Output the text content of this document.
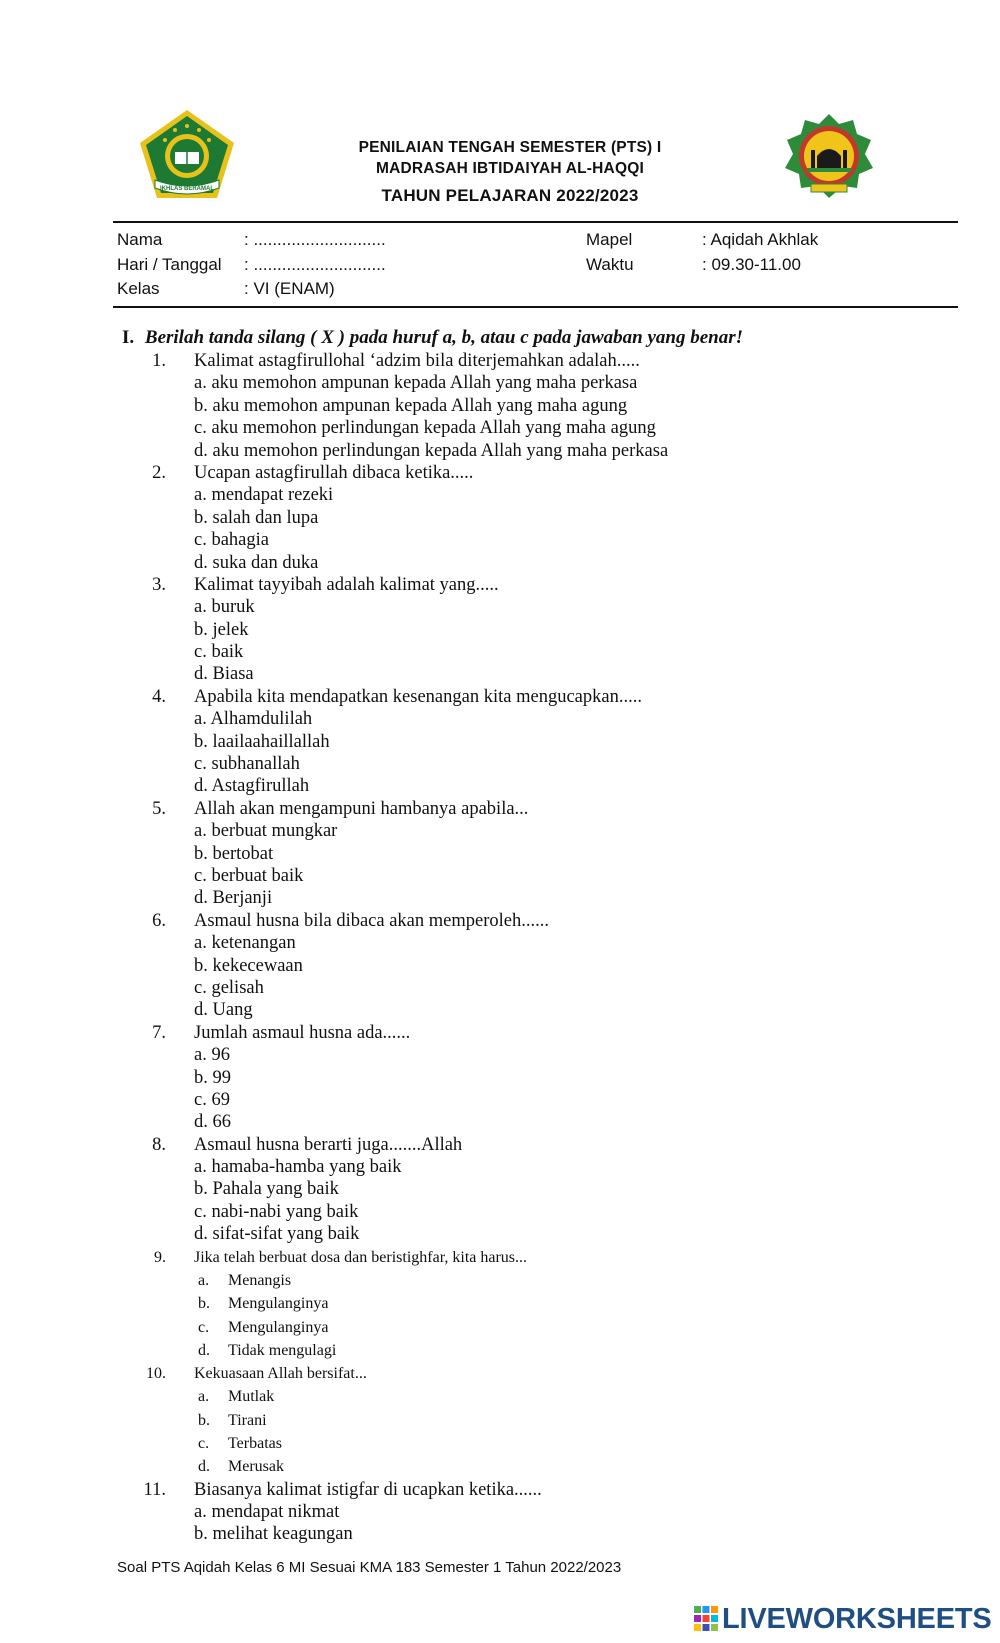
IKHLAS BERAMAL
PENILAIAN TENGAH SEMESTER (PTS) I
MADRASAH IBTIDAIYAH AL-HAQQI
TAHUN PELAJARAN 2022/2023
Nama
Hari / Tanggal
Kelas
: ............................
: ............................
: VI (ENAM)
Mapel
Waktu
: Aqidah Akhlak
: 09.30-11.00
I. Berilah tanda silang ( X ) pada huruf a, b, atau c pada jawaban yang benar!
1. Kalimat astagfirullohal ‘adzim bila diterjemahkan adalah.....
a. aku memohon ampunan kepada Allah yang maha perkasa
b. aku memohon ampunan kepada Allah yang maha agung
c. aku memohon perlindungan kepada Allah yang maha agung
d. aku memohon perlindungan kepada Allah yang maha perkasa
2. Ucapan astagfirullah dibaca ketika.....
a. mendapat rezeki
b. salah dan lupa
c. bahagia
d. suka dan duka
3. Kalimat tayyibah adalah kalimat yang.....
a. buruk
b. jelek
c. baik
d. Biasa
4. Apabila kita mendapatkan kesenangan kita mengucapkan.....
a. Alhamdulilah
b. laailaahaillallah
c. subhanallah
d. Astagfirullah
5. Allah akan mengampuni hambanya apabila...
a. berbuat mungkar
b. bertobat
c. berbuat baik
d. Berjanji
6. Asmaul husna bila dibaca akan memperoleh......
a. ketenangan
b. kekecewaan
c. gelisah
d. Uang
7. Jumlah asmaul husna ada......
a. 96
b. 99
c. 69
d. 66
8. Asmaul husna berarti juga.......Allah
a. hamaba-hamba yang baik
b. Pahala yang baik
c. nabi-nabi yang baik
d. sifat-sifat yang baik
9. Jika telah berbuat dosa dan beristighfar, kita harus...
a. Menangis
b. Mengulanginya
c. Mengulanginya
d. Tidak mengulagi
10. Kekuasaan Allah bersifat...
a. Mutlak
b. Tirani
c. Terbatas
d. Merusak
11. Biasanya kalimat istigfar di ucapkan ketika......
a. mendapat nikmat
b. melihat keagungan
Soal PTS Aqidah Kelas 6 MI Sesuai KMA 183 Semester 1 Tahun 2022/2023
LIVEWORKSHEETS
